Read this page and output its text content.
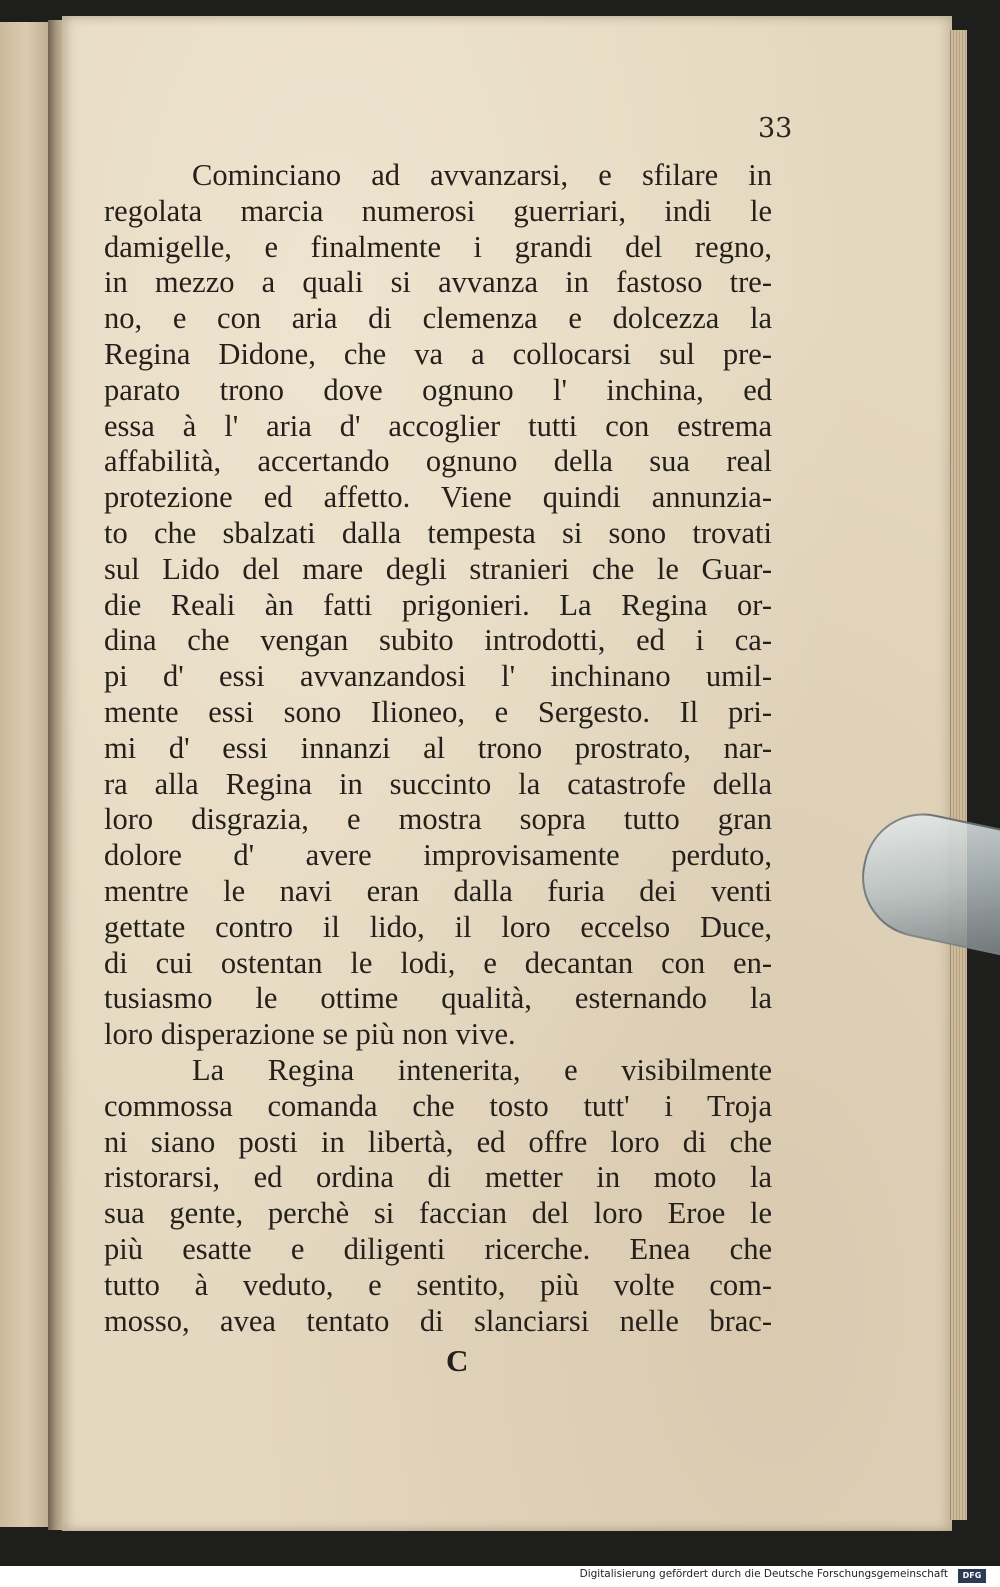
33
Cominciano ad avvanzarsi, e sfilare in
regolata marcia numerosi guerriari, indi le
damigelle, e finalmente i grandi del regno,
in mezzo a quali si avvanza in fastoso tre-
no, e con aria di clemenza e dolcezza la
Regina Didone, che va a collocarsi sul pre-
parato trono dove ognuno l' inchina, ed
essa à l' aria d' accoglier tutti con estrema
affabilità, accertando ognuno della sua real
protezione ed affetto. Viene quindi annunzia-
to che sbalzati dalla tempesta si sono trovati
sul Lido del mare degli stranieri che le Guar-
die Reali àn fatti prigonieri. La Regina or-
dina che vengan subito introdotti, ed i ca-
pi d' essi avvanzandosi l' inchinano umil-
mente essi sono Ilioneo, e Sergesto. Il pri-
mi d' essi innanzi al trono prostrato, nar-
ra alla Regina in succinto la catastrofe della
loro disgrazia, e mostra sopra tutto gran
dolore d' avere improvisamente perduto,
mentre le navi eran dalla furia dei venti
gettate contro il lido, il loro eccelso Duce,
di cui ostentan le lodi, e decantan con en-
tusiasmo le ottime qualità, esternando la
loro disperazione se più non vive.
La Regina intenerita, e visibilmente
commossa comanda che tosto tutt' i Troja
ni siano posti in libertà, ed offre loro di che
ristorarsi, ed ordina di metter in moto la
sua gente, perchè si faccian del loro Eroe le
più esatte e diligenti ricerche. Enea che
tutto à veduto, e sentito, più volte com-
mosso, avea tentato di slanciarsi nelle brac-
C
Digitalisierung gefördert durch die Deutsche Forschungsgemeinschaft	DFG
